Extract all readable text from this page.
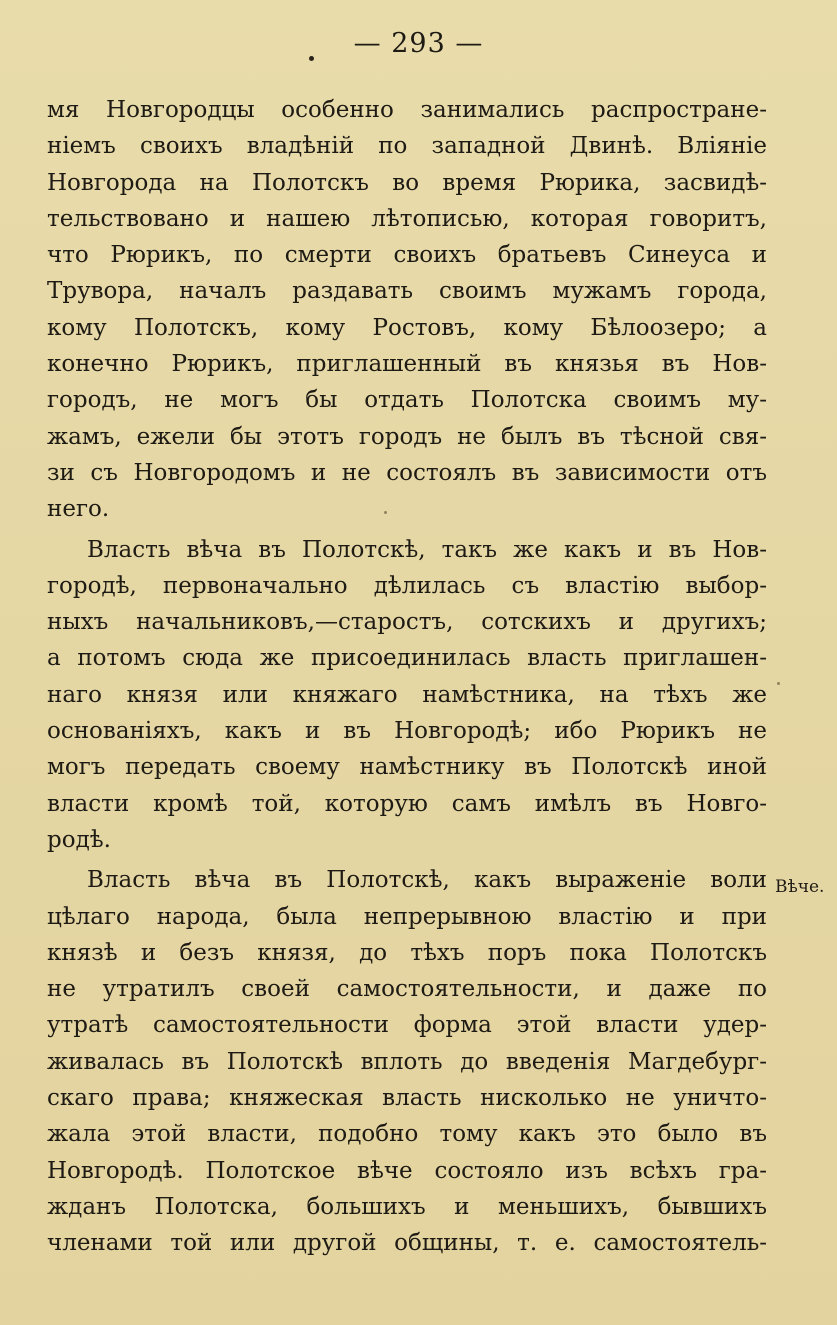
— 293 —
мя Новгородцы особенно занимались распростране-
ніемъ своихъ владѣній по западной Двинѣ. Вліяніе
Новгорода на Полотскъ во время Рюрика, засвидѣ-
тельствовано и нашею лѣтописью, которая говоритъ,
что Рюрикъ, по смерти своихъ братьевъ Синеуса и
Трувора, началъ раздавать своимъ мужамъ города,
кому Полотскъ, кому Ростовъ, кому Бѣлоозеро; а
конечно Рюрикъ, приглашенный въ князья въ Нов-
городъ, не могъ бы отдать Полотска своимъ му-
жамъ, ежели бы этотъ городъ не былъ въ тѣсной свя-
зи съ Новгородомъ и не состоялъ въ зависимости отъ
него.
Власть вѣча въ Полотскѣ, такъ же какъ и въ Нов-
городѣ, первоначально дѣлилась съ властію выбор-
ныхъ начальниковъ,—старостъ, сотскихъ и другихъ;
а потомъ сюда же присоединилась власть приглашен-
наго князя или княжаго намѣстника, на тѣхъ же
основаніяхъ, какъ и въ Новгородѣ; ибо Рюрикъ не
могъ передать своему намѣстнику въ Полотскѣ иной
власти кромѣ той, которую самъ имѣлъ въ Новго-
родѣ.
Власть вѣча въ Полотскѣ, какъ выраженіе воли
цѣлаго народа, была непрерывною властію и при
князѣ и безъ князя, до тѣхъ поръ пока Полотскъ
не утратилъ своей самостоятельности, и даже по
утратѣ самостоятельности форма этой власти удер-
живалась въ Полотскѣ вплоть до введенія Магдебург-
скаго права; княжеская власть нисколько не уничто-
жала этой власти, подобно тому какъ это было въ
Новгородѣ. Полотское вѣче состояло изъ всѣхъ гра-
жданъ Полотска, большихъ и меньшихъ, бывшихъ
членами той или другой общины, т. е. самостоятель-
Вѣче.
